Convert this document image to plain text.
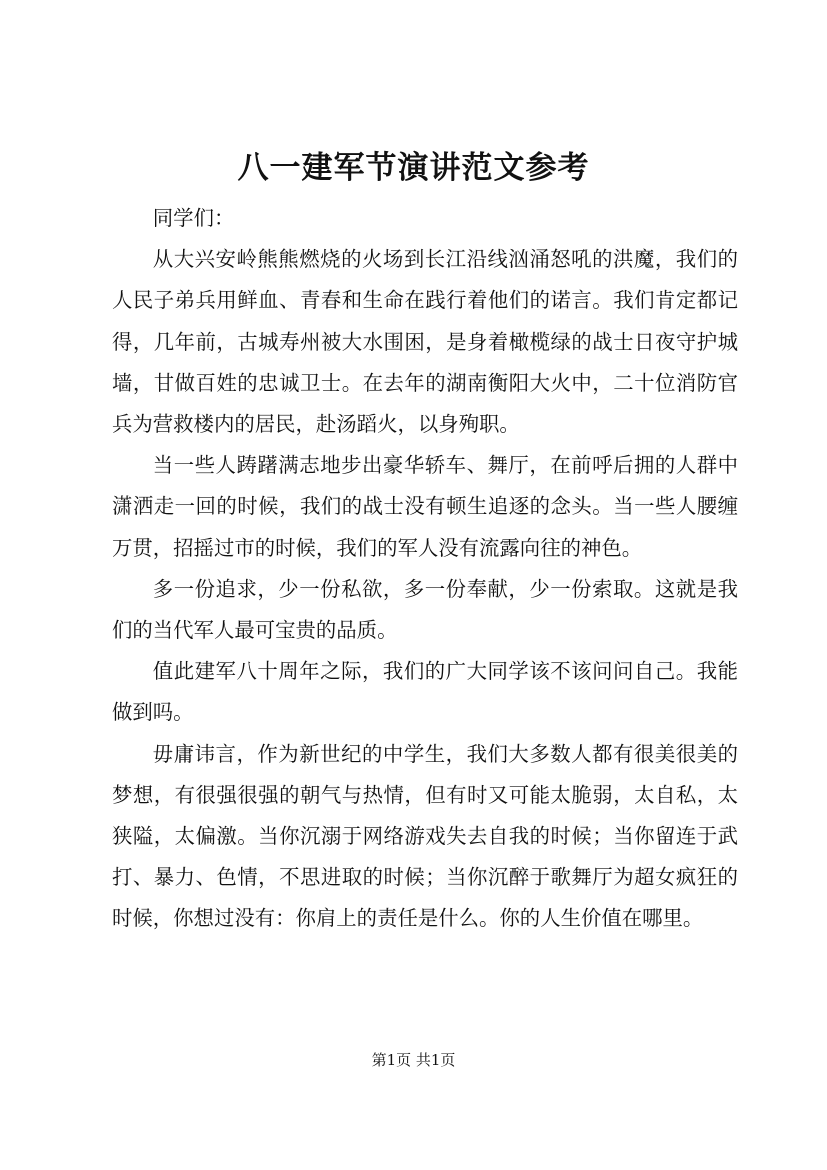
八一建军节演讲范文参考

同学们：

从大兴安岭熊熊燃烧的火场到长江沿线汹涌怒吼的洪魔，我们的人民子弟兵用鲜血、青春和生命在践行着他们的诺言。我们肯定都记得，几年前，古城寿州被大水围困，是身着橄榄绿的战士日夜守护城墙，甘做百姓的忠诚卫士。在去年的湖南衡阳大火中，二十位消防官兵为营救楼内的居民，赴汤蹈火，以身殉职。

当一些人踌躇满志地步出豪华轿车、舞厅，在前呼后拥的人群中潇洒走一回的时候，我们的战士没有顿生追逐的念头。当一些人腰缠万贯，招摇过市的时候，我们的军人没有流露向往的神色。

多一份追求，少一份私欲，多一份奉献，少一份索取。这就是我们的当代军人最可宝贵的品质。

值此建军八十周年之际，我们的广大同学该不该问问自己。我能做到吗。

毋庸讳言，作为新世纪的中学生，我们大多数人都有很美很美的梦想，有很强很强的朝气与热情，但有时又可能太脆弱，太自私，太狭隘，太偏激。当你沉溺于网络游戏失去自我的时候；当你留连于武打、暴力、色情，不思进取的时候；当你沉醉于歌舞厅为超女疯狂的时候，你想过没有：你肩上的责任是什么。你的人生价值在哪里。

第1页 共1页
